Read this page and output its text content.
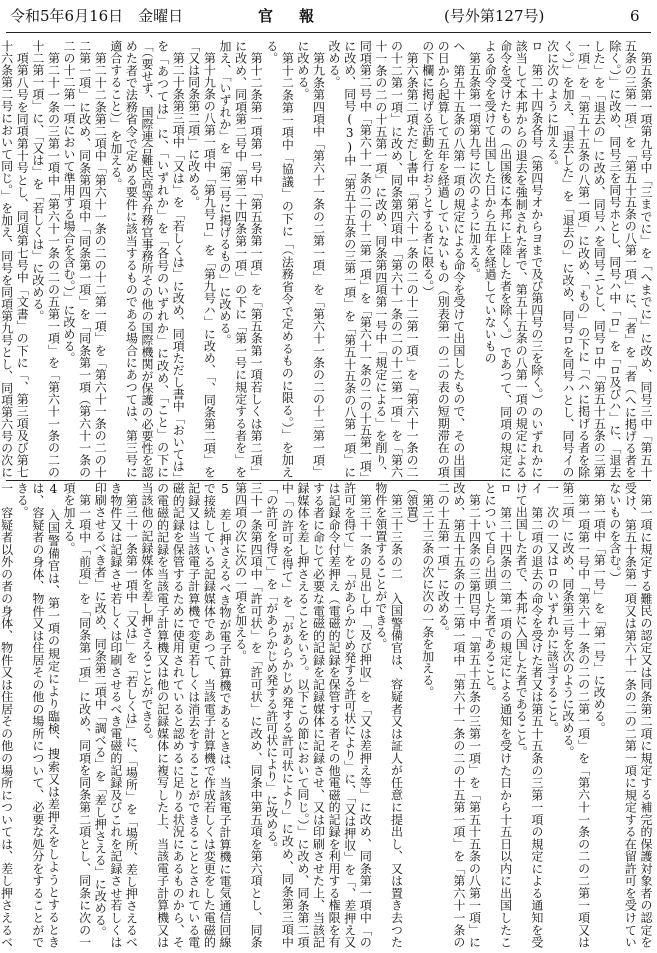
令和5年6月16日　金曜日	官報	(号外第127号)	6

第五条第一項第九号中「三までに」を「へまでに」に改め、同号三中「第五十五条の三第一項」を「第五十五条の八第一項」に、「者」を「者（へに掲げる者を除く。）」に改め、同号三を同号ホとし、同号ハ中「ロ」を「ロ及びハ」に、「退去した」を「退去の」に改め、同号ハを同号ニとし、同号ロ中「第五十五条の三第一項」を「第五十五条の八第一項」に改め、「もの」の下に「（ハに掲げる者を除く。）」を加え、「退去した」を「退去の」に改め、同号ロを同号ハとし、同号イの次に次のように加える。

ロ　第二十四条各号（第四号オからヨまで及び第四号の三を除く。）のいずれかに該当して本邦からの退去を強制された者で、第五十五条の八第一項の規定による命令を受けたもの（出国後に本邦に上陸した者を除く。）であつて、同項の規定による命令を受けて出国した日から五年を経過していないもの

第五条第一項第九号に次のように加える。

ヘ　第五十五条の八第一項の規定による命令を受けて出国したもので、その出国の日から起算して五年を経過していないもの（別表第一の二の表の短期滞在の項の下欄に掲げる活動を行おうとする者に限る。）

第六条第二項ただし書中「第六十一条の二の十二第一項」を「第六十一条の二の十二第一項」に改め、同条第四項中「第六十一条の二の十二第一項」を「第六十一条の二の十五第一項」に改め、同条第四項第一号中「規定による」を削り、同項第二号中「第六十一条の二の十二第一項」を「第六十一条の二の十五第一項」に改め、同号(3)中「第五十五条の三第一項」を「第五十五条の八第一項」に改める。

第九条第四項中「第六十一条の二第一項」を「第六十一条の二の十二第一項」に改める。

第十二条第一項中「協議」の下に「（法務省令で定めるものに限る。）」を加える。

第十二条第一項第一号中「第五条第一項」を「第五条第一項若しくは第二項」に改め、同項第二号中「第二十四条第一項」の下に「第一号に規定する者を」を加え、「いずれか」を「第二号に掲げるもの」に改める。

第十九条の八第一項中「第九号ロ」を「第九号ハ」に改め、「、同条第二項」を「又は同条第二項」に改める。

第二十条第三項中「又は」を「若しくは」に改め、同項ただし書中「おいては」を「あつては」に、「いずれか」を「各号のいずれか」に改め、「こと」の下に「（要せず、国際連合難民高等弁務官事務所その他の国際機関が保護の必要性を認めた者で法務省令で定める要件に該当するものである場合にあつては、第三号に適合すること）」を加える。

第二十二条第二項中「第六十一条の二の十二第一項」を「第六十一条の二の十二第一項」に改め、同条第四項中「同条第一項」を「同条第一項（第六十一条の二の十二第一項において準用する場合を含む。）」に改める。

第二十一条の三第一項中「第六十一条の二の五第一項」を「第六十一条の二の十二第一項」に、「又は」を「若しくは」に改める。

項第八号を同項第十号とし、同項第七号中「文書」の下に「、第三項及び第七十六条第二号において同じ。」を加え、同号を同項第九号とし、同項第六号の次に

第一項に規定する難民の認定又は同条第二項に規定する補完的保護対象者の認定を受け、第五十条第一項又は第六十一条の二の二第一項に規定する在留許可を受けていないものを含む。）

第一項中「第一号」を「第一号」に改める。

第一項第一号中「第六十一条の二の二第一項」を「第六十一条の二の二第一項又は第二項」に改め、同条第三号を次のように改める。

一　次の一又はロのいずれかに該当すること。

イ　第二項の退去の命令を受けた者又は第五十五条の三第一項の規定による通知を受けて出国した者で、本邦に入国した者であること。

ロ　第二十四条の二第一項の規定による通知を受けた日から十五日以内に出国したことについて自ら出頭した者であること。

第二十四条の三第四号中「第五十五条の三第一項」を「第五十五条の八第一項」に改め、第五十五条の十二第一項中「第六十一条の二の十五第一項」を「第六十一条の二の十五第一項」に改める。

第三十三条の次に次の一条を加える。

（領置）

第三十三条の二　入国警備官は、容疑者又は証人が任意に提出し、又は置き去つた物件を領置することができる。

第三十一条の見出し中「及び押収」を「又は差押え等」に改め、同条第一項中「の許可を得て」を「があらかじめ発する許可状により」に、「又は押収」を「、差押え又は記録命令付差押え（電磁的記録を保管する者その他電磁的記録を利用する権限を有する者に命じて必要な電磁的記録を記録媒体に記録させ、又は印刷させた上、当該記録媒体を差し押さえることをいう。以下この節において同じ。）」に改め、同条第二項中「の許可を得て」を「があらかじめ発する許可状により」に改め、同条第三項中「の許可を得て」を「があらかじめ発する許可状により」に改める。

三十一条第四項中「許可状」を「許可状」に改め、同条中第五項を第六項とし、同条第四項の次に次の一項を加える。

5　差し押さえるべき物が電子計算機であるときは、当該電子計算機に電気通信回線で接続している記録媒体であつて、当該電子計算機で作成若しくは変更をした電磁的記録又は当該電子計算機で変更若しくは消去をすることができることとされている電磁的記録を保管するために使用されていると認めるに足りる状況にあるものから、その電磁的記録を当該電子計算機又は他の記録媒体に複写した上、当該電子計算機又は当該他の記録媒体を差し押さえることができる。

第三十一条第一項中「又は」を「若しくは」に、「場所」を「場所、差し押さえるべき物件又は記録させ若しくは印刷させるべき電磁的記録及びこれを記録させ若しくは印刷させるべき者」に改め、同条第二項中「調べる」を「差し押さえる」に改める。

第一項中「前項」を「同条第一項」に改め、同項を同条第二項とし、同条に次の一項を加える。

4　入国警備官は、第一項の規定により臨検、捜索又は差押えをしようとするときは、容疑者の身体、物件又は住居その他の場所について、必要な処分をすることができる。

一　容疑者以外の者の身体、物件又は住居その他の場所については、差し押さえるべ
